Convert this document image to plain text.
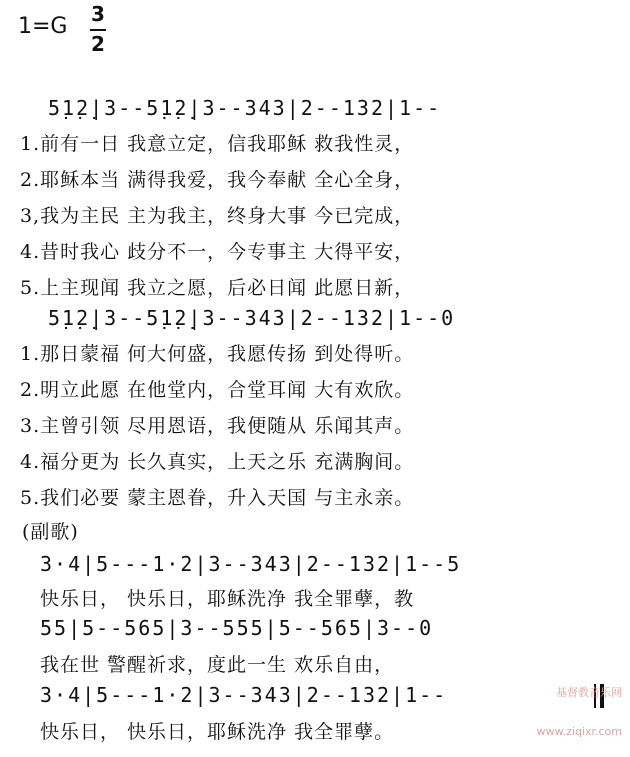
1=G 3
2
5̣1̣2̣|3--5̣1̣2̣|3--343|2--132|1--
1.前有一日 我意立定，信我耶稣 救我性灵，
2.耶稣本当 满得我爱，我今奉献 全心全身，
3,我为主民 主为我主，终身大事 今已完成，
4.昔时我心 歧分不一，今专事主 大得平安，
5.上主现闻 我立之愿，后必日闻 此愿日新，
5̣1̣2̣|3--5̣1̣2̣|3--343|2--132|1--0
1.那日蒙福 何大何盛，我愿传扬 到处得听。
2.明立此愿 在他堂内，合堂耳闻 大有欢欣。
3.主曾引领 尽用恩语，我便随从 乐闻其声。
4.福分更为 长久真实，上天之乐 充满胸间。
5.我们必要 蒙主恩眷，升入天国 与主永亲。
(副歌)
3·4|5---1·2|3--343|2--132|1--5
快乐日， 快乐日，耶稣洗净 我全罪孽，教
55|5--565|3--555|5--565|3--0
我在世 警醒祈求，度此一生 欢乐自由，
3·4|5---1·2|3--343|2--132|1--
快乐日， 快乐日，耶稣洗净 我全罪孽。

基督教音乐网

www.ziqixr.com
